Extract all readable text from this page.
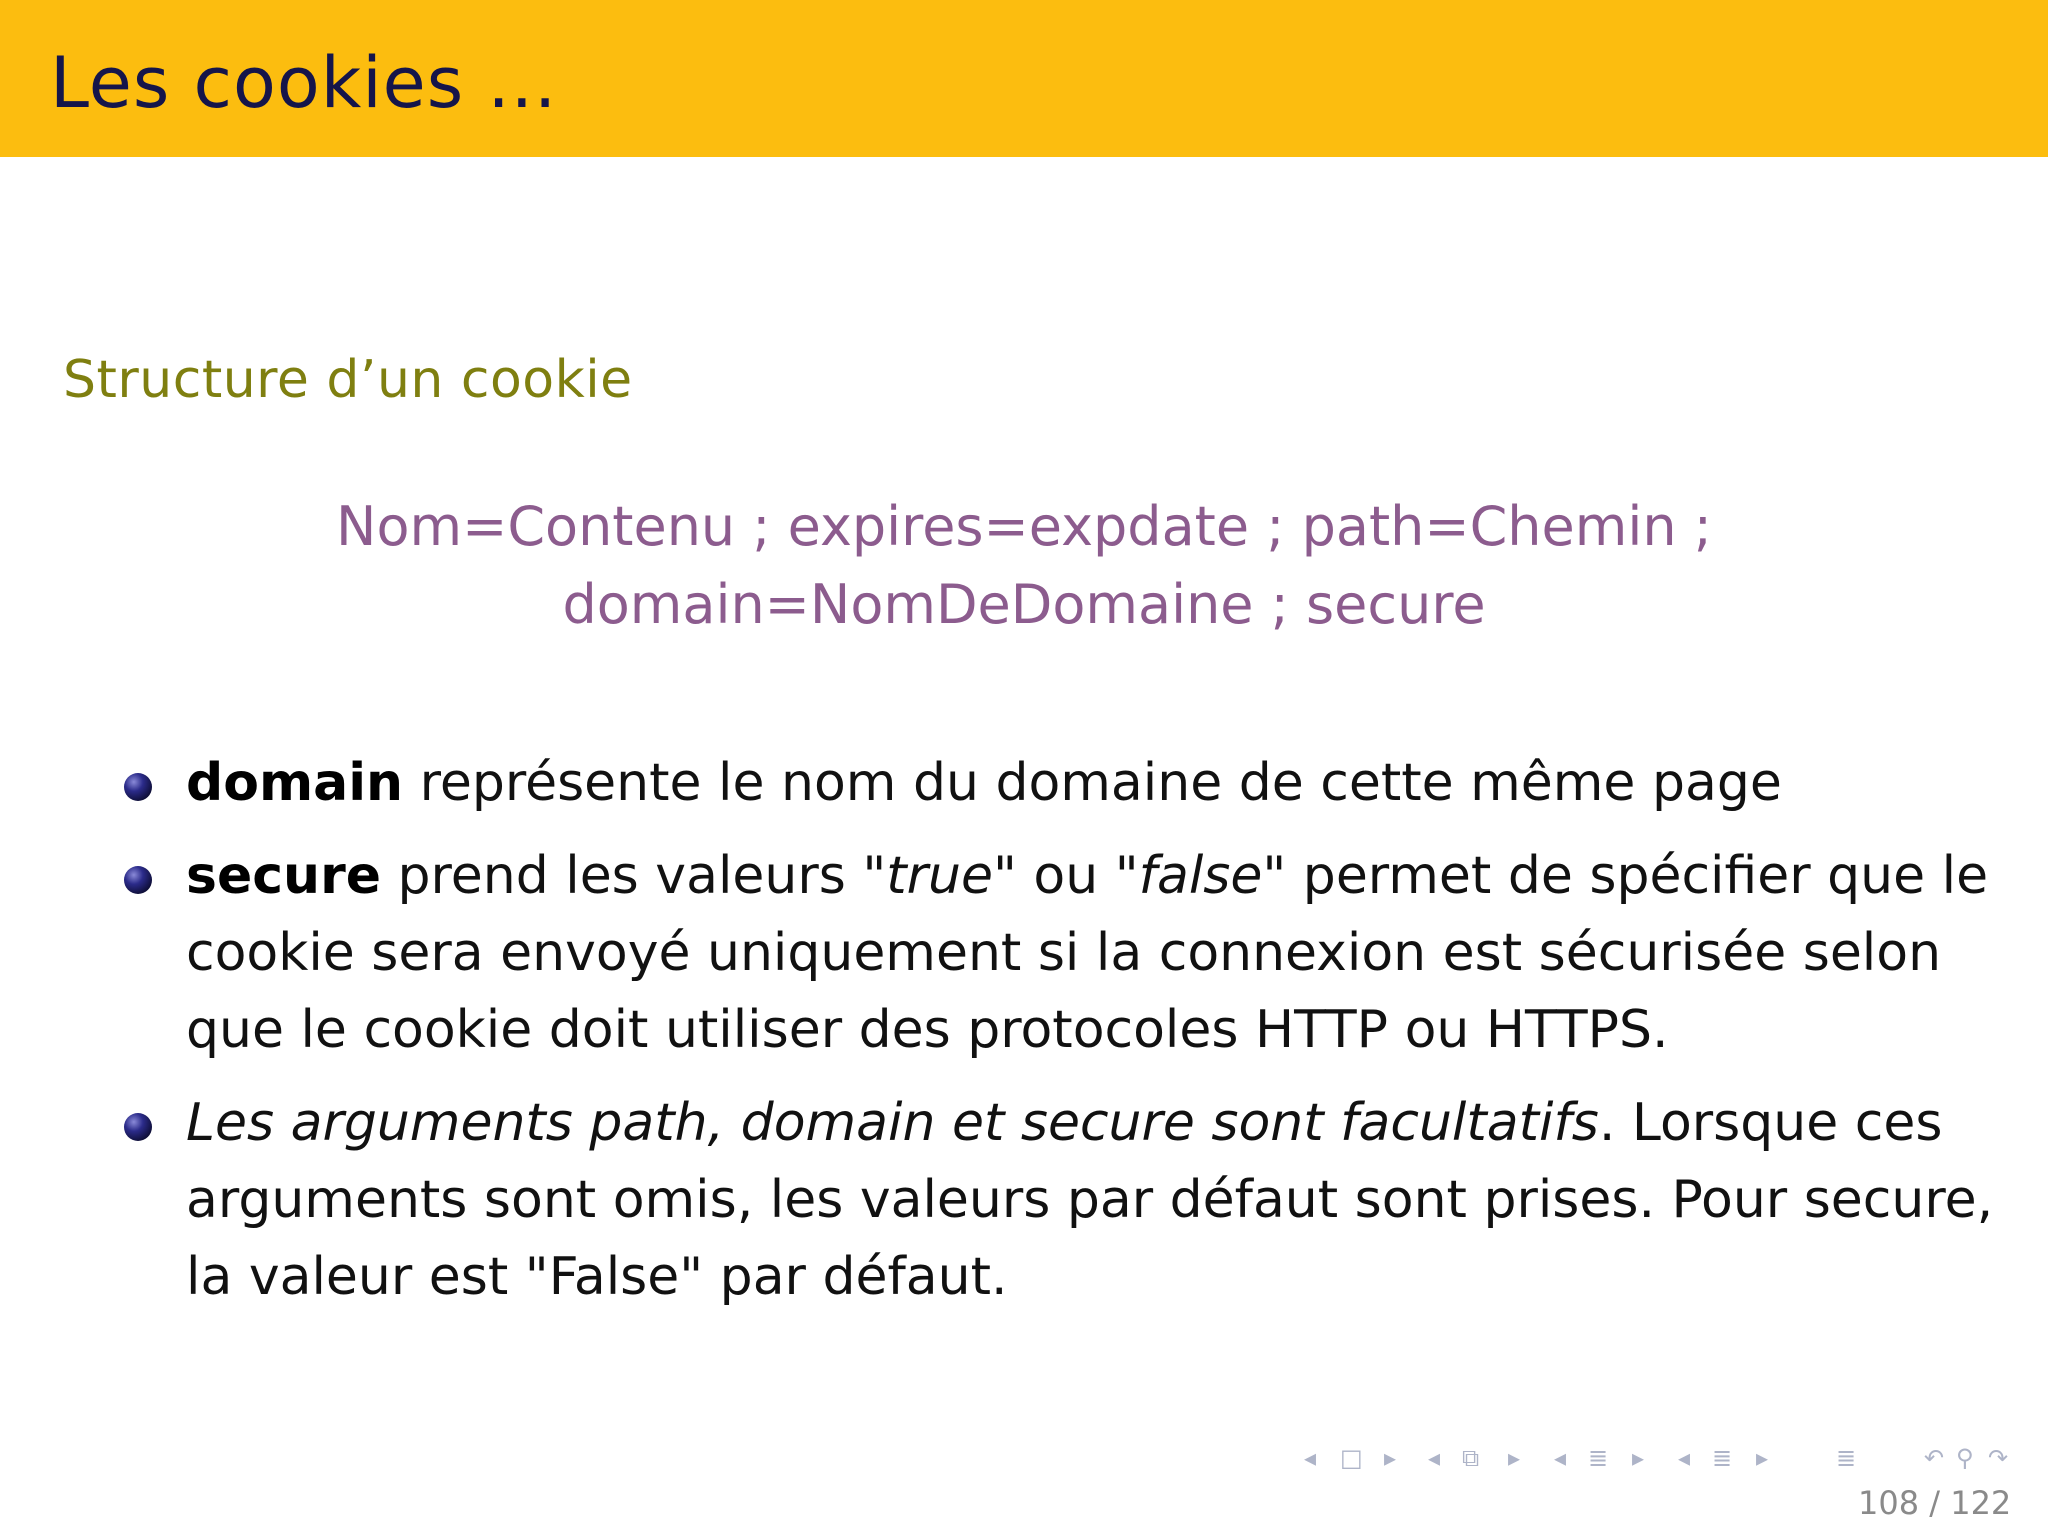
Les cookies ...
Structure d’un cookie
Nom=Contenu ; expires=expdate ; path=Chemin ;
domain=NomDeDomaine ; secure
domain représente le nom du domaine de cette même page
secure prend les valeurs "true" ou "false" permet de spécifier que le cookie sera envoyé uniquement si la connexion est sécurisée selon que le cookie doit utiliser des protocoles HTTP ou HTTPS.
Les arguments path, domain et secure sont facultatifs. Lorsque ces arguments sont omis, les valeurs par défaut sont prises. Pour secure, la valeur est "False" par défaut.
◂ □ ▸ ◂ ⧉ ▸ ◂ ≣ ▸ ◂ ≣ ▸	≣	↶ ⚲ ↷
108 / 122
